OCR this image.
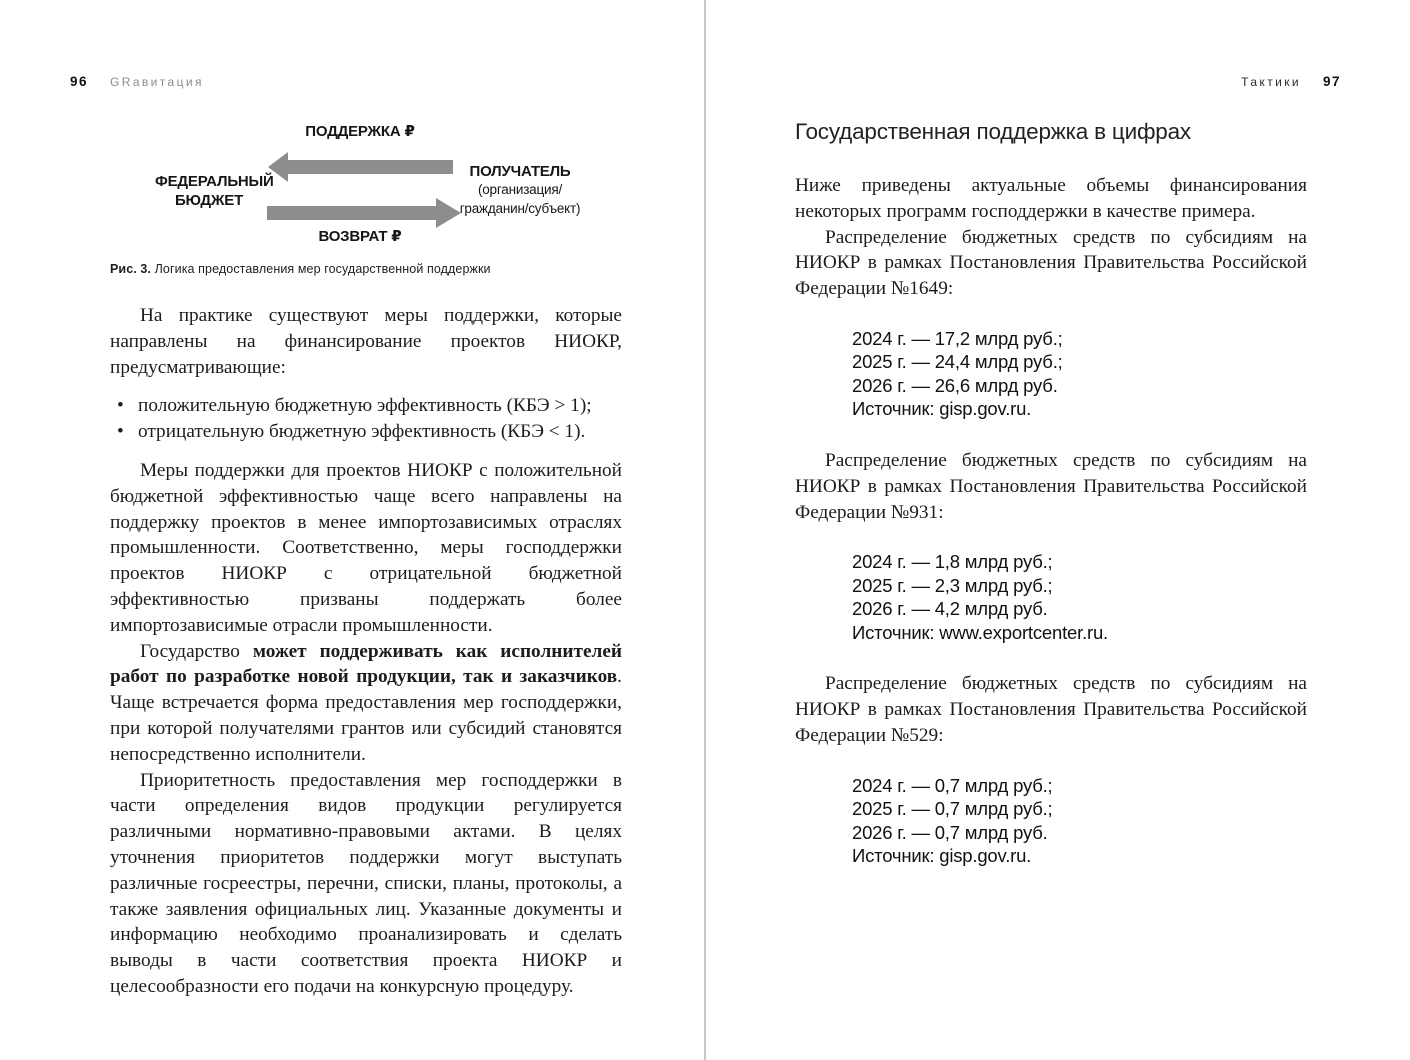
96 GRавитация
ПОДДЕРЖКА ₽
ФЕДЕРАЛЬНЫЙ
БЮДЖЕТ
ПОЛУЧАТЕЛЬ
(организация/
гражданин/субъект)
ВОЗВРАТ ₽
Рис. 3. Логика предоставления мер государственной поддержки

На практике существуют меры поддержки, которые направлены на финансирование проектов НИОКР, предусматривающие:

• положительную бюджетную эффективность (КБЭ > 1);
• отрицательную бюджетную эффективность (КБЭ < 1).

Меры поддержки для проектов НИОКР с положительной бюджетной эффективностью чаще всего направлены на поддержку проектов в менее импортозависимых отраслях промышленности. Соответственно, меры господдержки проектов НИОКР с отрицательной бюджетной эффективностью призваны поддержать более импортозависимые отрасли промышленности.

Государство может поддерживать как исполнителей работ по разработке новой продукции, так и заказчиков. Чаще встречается форма предоставления мер господдержки, при которой получателями грантов или субсидий становятся непосредственно исполнители.

Приоритетность предоставления мер господдержки в части определения видов продукции регулируется различными нормативно-правовыми актами. В целях уточнения приоритетов поддержки могут выступать различные госреестры, перечни, списки, планы, протоколы, а также заявления официальных лиц. Указанные документы и информацию необходимо проанализировать и сделать выводы в части соответствия проекта НИОКР и целесообразности его подачи на конкурсную процедуру.

Тактики 97
Государственная поддержка в цифрах

Ниже приведены актуальные объемы финансирования некоторых программ господдержки в качестве примера.

Распределение бюджетных средств по субсидиям на НИОКР в рамках Постановления Правительства Российской Федерации №1649:

2024 г. — 17,2 млрд руб.;
2025 г. — 24,4 млрд руб.;
2026 г. — 26,6 млрд руб.
Источник: gisp.gov.ru.

Распределение бюджетных средств по субсидиям на НИОКР в рамках Постановления Правительства Российской Федерации №931:

2024 г. — 1,8 млрд руб.;
2025 г. — 2,3 млрд руб.;
2026 г. — 4,2 млрд руб.
Источник: www.exportcenter.ru.

Распределение бюджетных средств по субсидиям на НИОКР в рамках Постановления Правительства Российской Федерации №529:

2024 г. — 0,7 млрд руб.;
2025 г. — 0,7 млрд руб.;
2026 г. — 0,7 млрд руб.
Источник: gisp.gov.ru.
